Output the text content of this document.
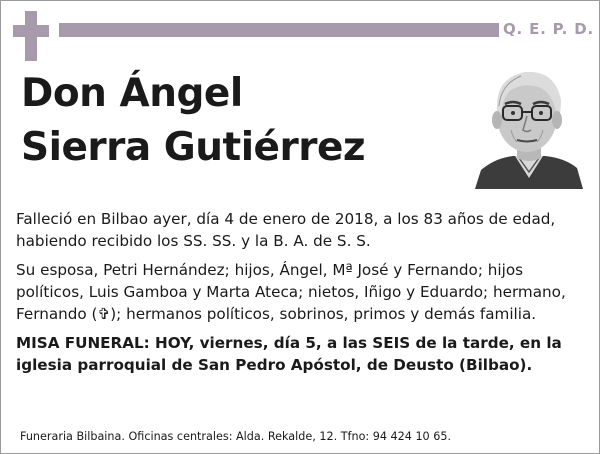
Q. E. P. D.
Don Ángel
Sierra Gutiérrez

Falleció en Bilbao ayer, día 4 de enero de 2018, a los 83 años de edad, habiendo recibido los SS. SS. y la B. A. de S. S.

Su esposa, Petri Hernández; hijos, Ángel, Mª José y Fernando; hijos políticos, Luis Gamboa y Marta Ateca; nietos, Iñigo y Eduardo; hermano, Fernando (✞); hermanos políticos, sobrinos, primos y demás familia.

MISA FUNERAL: HOY, viernes, día 5, a las SEIS de la tarde, en la iglesia parroquial de San Pedro Apóstol, de Deusto (Bilbao).

Funeraria Bilbaina. Oficinas centrales: Alda. Rekalde, 12. Tfno: 94 424 10 65.
